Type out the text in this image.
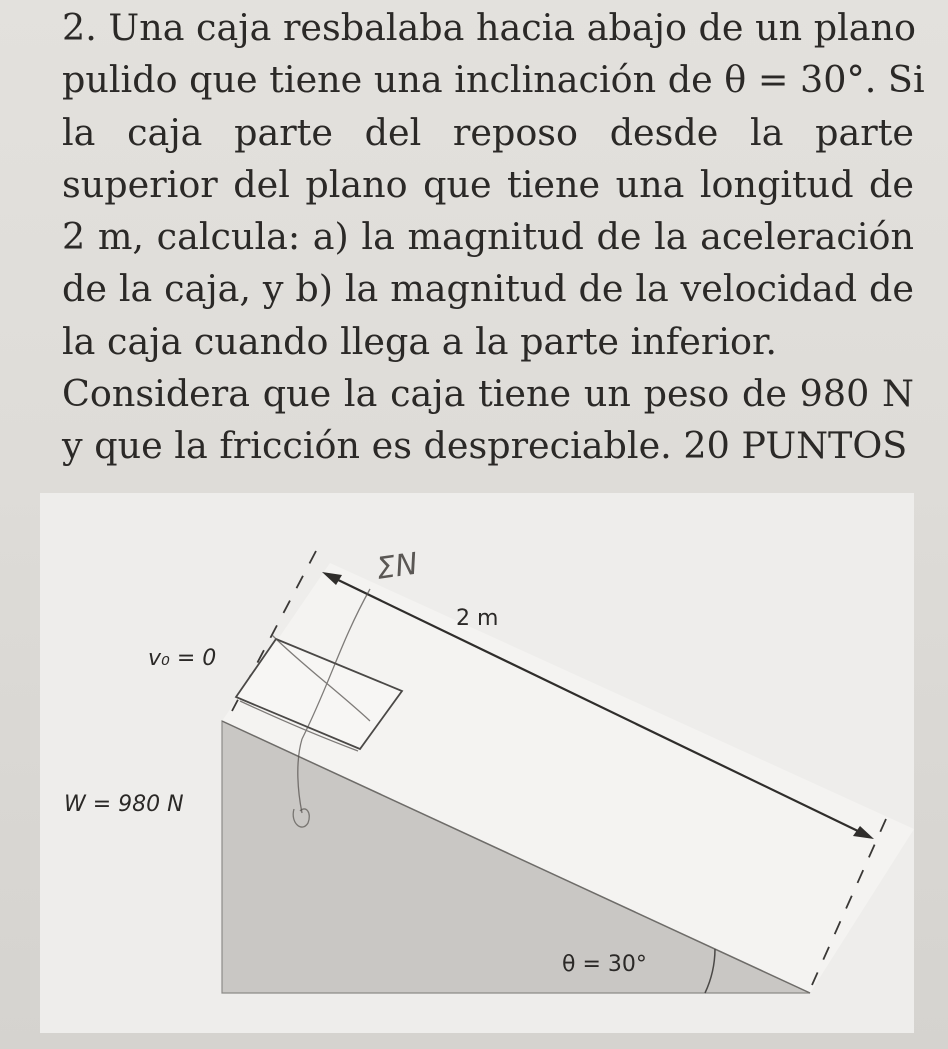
2. Una caja resbalaba hacia abajo de un plano
pulido que tiene una inclinación de θ = 30°. Si
la caja parte del reposo desde la parte
superior del plano que tiene una longitud de
2 m, calcula: a) la magnitud de la aceleración
de la caja, y b) la magnitud de la velocidad de
la caja cuando llega a la parte inferior.
Considera que la caja tiene un peso de 980 N
y que la fricción es despreciable. 20 PUNTOS
ΣN
2 m
v₀ = 0
W = 980 N
θ = 30°
